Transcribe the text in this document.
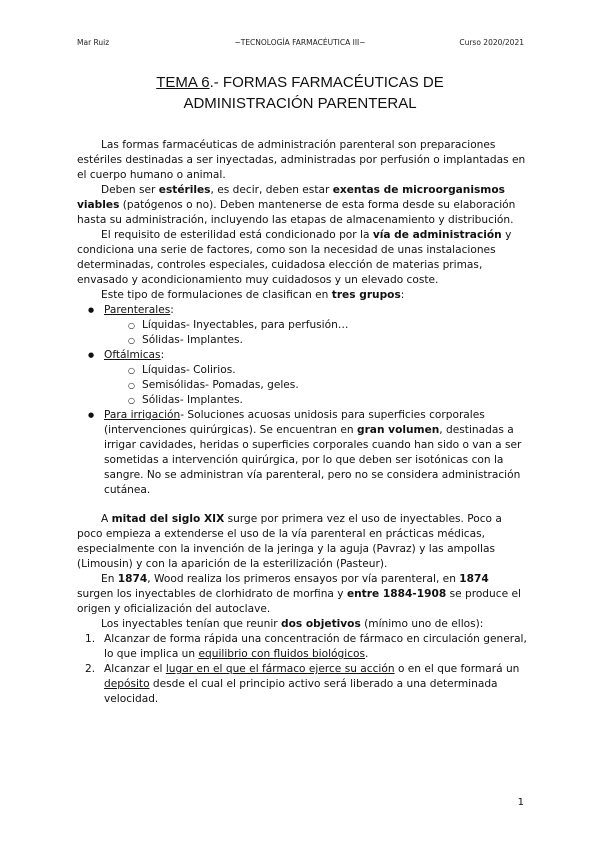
Mar Ruiz	~TECNOLOGÍA FARMACÉUTICA III~	Curso 2020/2021
TEMA 6.- FORMAS FARMACÉUTICAS DE
ADMINISTRACIÓN PARENTERAL

Las formas farmacéuticas de administración parenteral son preparaciones estériles destinadas a ser inyectadas, administradas por perfusión o implantadas en el cuerpo humano o animal.

Deben ser estériles, es decir, deben estar exentas de microorganismos viables (patógenos o no). Deben mantenerse de esta forma desde su elaboración hasta su administración, incluyendo las etapas de almacenamiento y distribución.

El requisito de esterilidad está condicionado por la vía de administración y condiciona una serie de factores, como son la necesidad de unas instalaciones determinadas, controles especiales, cuidadosa elección de materias primas, envasado y acondicionamiento muy cuidadosos y un elevado coste.

Este tipo de formulaciones de clasifican en tres grupos:

● Parenterales:
○ Líquidas- Inyectables, para perfusión…
○ Sólidas- Implantes.
● Oftálmicas:
○ Líquidas- Colirios.
○ Semisólidas- Pomadas, geles.
○ Sólidas- Implantes.
● Para irrigación- Soluciones acuosas unidosis para superficies corporales (intervenciones quirúrgicas). Se encuentran en gran volumen, destinadas a irrigar cavidades, heridas o superficies corporales cuando han sido o van a ser sometidas a intervención quirúrgica, por lo que deben ser isotónicas con la sangre. No se administran vía parenteral, pero no se considera administración cutánea.

A mitad del siglo XIX surge por primera vez el uso de inyectables. Poco a poco empieza a extenderse el uso de la vía parenteral en prácticas médicas, especialmente con la invención de la jeringa y la aguja (Pavraz) y las ampollas (Limousin) y con la aparición de la esterilización (Pasteur).

En 1874, Wood realiza los primeros ensayos por vía parenteral, en 1874 surgen los inyectables de clorhidrato de morfina y entre 1884-1908 se produce el origen y oficialización del autoclave.

Los inyectables tenían que reunir dos objetivos (mínimo uno de ellos):

1. Alcanzar de forma rápida una concentración de fármaco en circulación general, lo que implica un equilibrio con fluidos biológicos.
2. Alcanzar el lugar en el que el fármaco ejerce su acción o en el que formará un depósito desde el cual el principio activo será liberado a una determinada velocidad.
1
